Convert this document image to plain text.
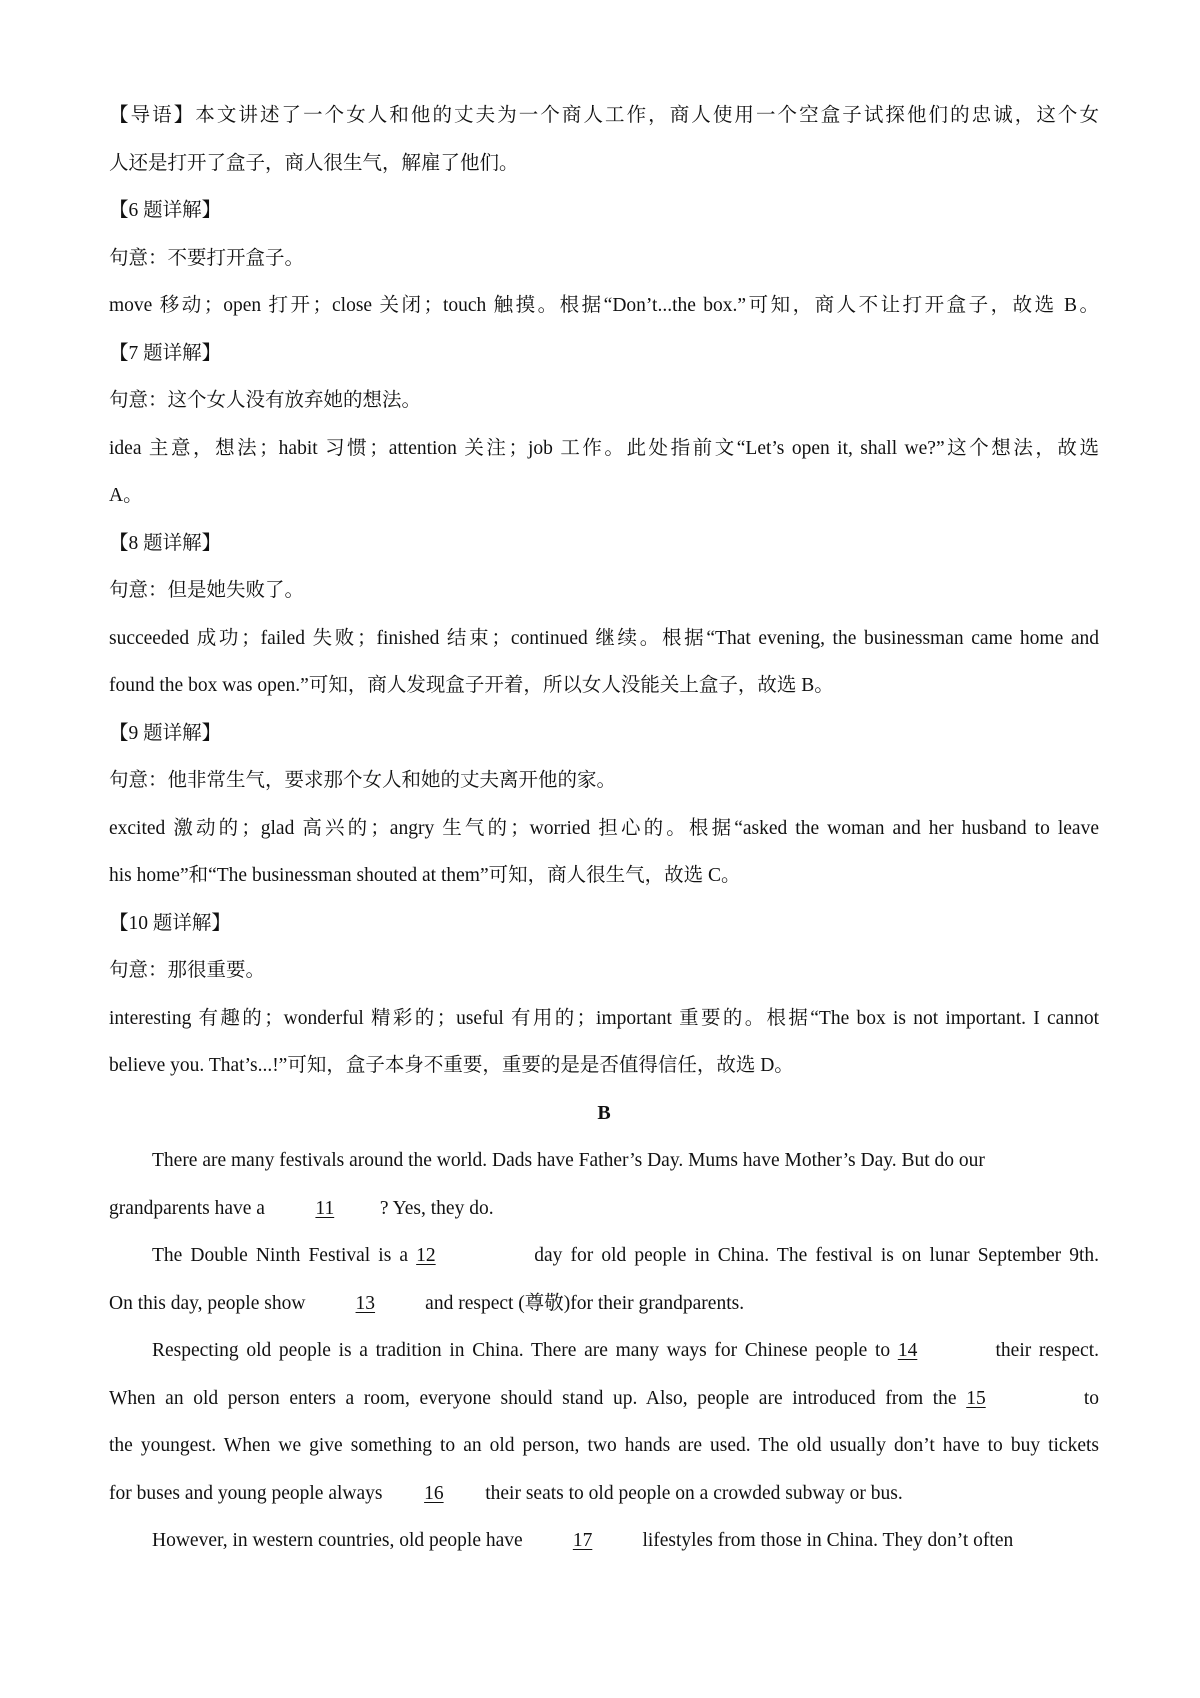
【导语】本文讲述了一个女人和他的丈夫为一个商人工作，商人使用一个空盒子试探他们的忠诚，这个女
人还是打开了盒子，商人很生气，解雇了他们。
【6 题详解】
句意：不要打开盒子。
move 移动；open 打开；close 关闭；touch 触摸。根据“Don’t...the box.”可知，商人不让打开盒子，故选 B。
【7 题详解】
句意：这个女人没有放弃她的想法。
idea 主意，想法；habit 习惯；attention 关注；job 工作。此处指前文“Let’s open it, shall we?”这个想法，故选
A。
【8 题详解】
句意：但是她失败了。
succeeded 成功；failed 失败；finished 结束；continued 继续。根据“That evening, the businessman came home and
found the box was open.”可知，商人发现盒子开着，所以女人没能关上盒子，故选 B。
【9 题详解】
句意：他非常生气，要求那个女人和她的丈夫离开他的家。
excited 激动的；glad 高兴的；angry 生气的；worried 担心的。根据“asked the woman and her husband to leave
his home”和“The businessman shouted at them”可知，商人很生气，故选 C。
【10 题详解】
句意：那很重要。
interesting 有趣的；wonderful 精彩的；useful 有用的；important 重要的。根据“The box is not important. I cannot
believe you. That’s...!”可知，盒子本身不重要，重要的是是否值得信任，故选 D。
B
There are many festivals around the world. Dads have Father’s Day. Mums have Mother’s Day. But do our
grandparents have a 11 ? Yes, they do.
The Double Ninth Festival is a 12	day for old people in China. The festival is on lunar September 9th.
On this day, people show 13 and respect (尊敬)for their grandparents.
Respecting old people is a tradition in China. There are many ways for Chinese people to 14	their respect.
When an old person enters a room, everyone should stand up. Also, people are introduced from the 15	to
the youngest. When we give something to an old person, two hands are used. The old usually don’t have to buy tickets
for buses and young people always 16 their seats to old people on a crowded subway or bus.
However, in western countries, old people have 17 lifestyles from those in China. They don’t often
